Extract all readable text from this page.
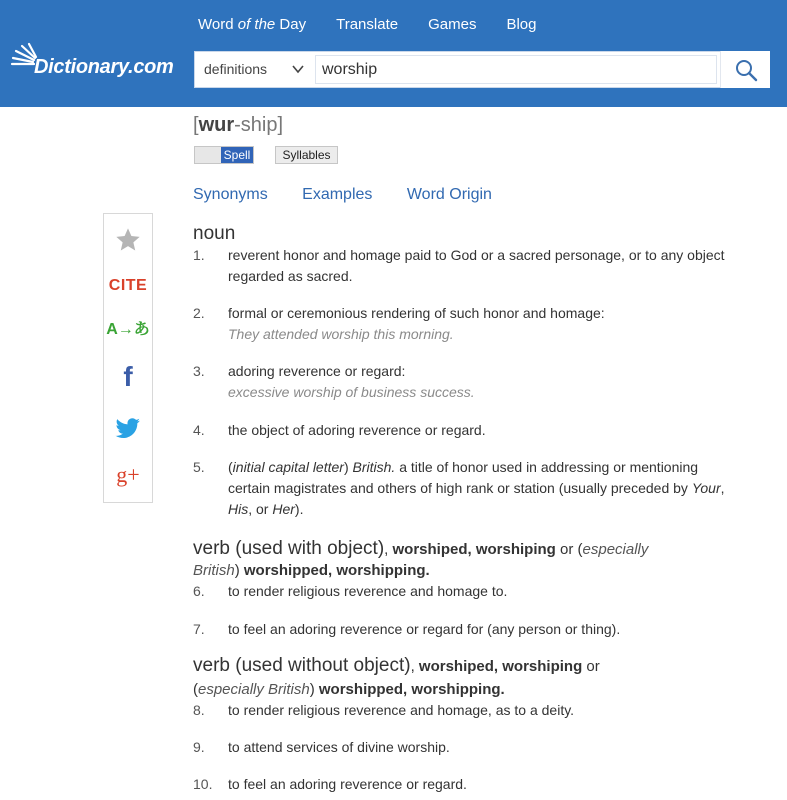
Dictionary.com
Word of the Day Translate Games Blog
definitions
worship
[wur-ship]
Spell	Syllables
Synonyms Examples Word Origin
CITE
A→あ
f
g+
noun
1. reverent honor and homage paid to God or a sacred personage, or to any object regarded as sacred.
2. formal or ceremonious rendering of such honor and homage:
They attended worship this morning.
3. adoring reverence or regard:
excessive worship of business success.
4. the object of adoring reverence or regard.
5. (initial capital letter) British. a title of honor used in addressing or mentioning certain magistrates and others of high rank or station (usually preceded by Your, His, or Her).
verb (used with object), worshiped, worshiping or (especially
British) worshipped, worshipping.
6. to render religious reverence and homage to.
7. to feel an adoring reverence or regard for (any person or thing).
verb (used without object), worshiped, worshiping or
(especially British) worshipped, worshipping.
8. to render religious reverence and homage, as to a deity.
9. to attend services of divine worship.
10. to feel an adoring reverence or regard.
